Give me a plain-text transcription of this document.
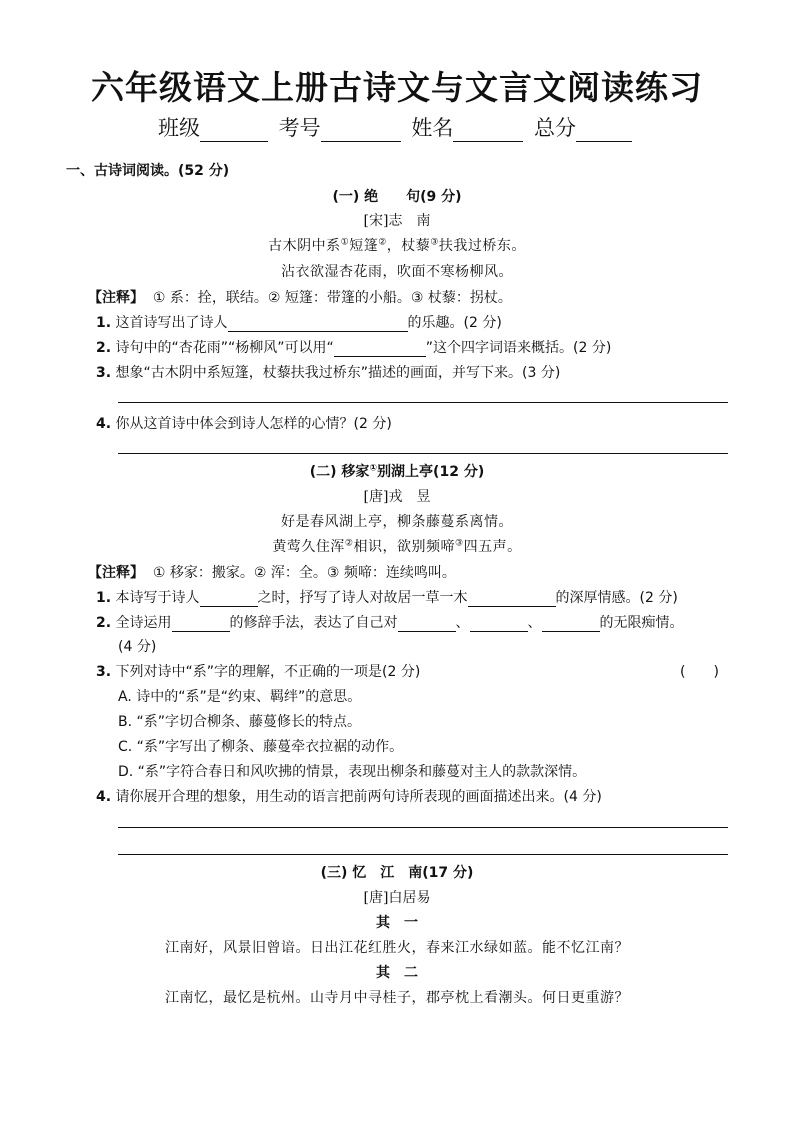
六年级语文上册古诗文与文言文阅读练习
班级	考号	姓名	总分
一、古诗词阅读。(52 分)
(一) 绝　　句(9 分)
[宋]志　南
古木阴中系①短篷②，杖藜③扶我过桥东。
沾衣欲湿杏花雨，吹面不寒杨柳风。
【注释】 ① 系：拴，联结。② 短篷：带篷的小船。③ 杖藜：拐杖。
1. 这首诗写出了诗人	的乐趣。(2 分)
2. 诗句中的“杏花雨”“杨柳风”可以用“	”这个四字词语来概括。(2 分)
3. 想象“古木阴中系短篷，杖藜扶我过桥东”描述的画面，并写下来。(3 分)
4. 你从这首诗中体会到诗人怎样的心情？(2 分)
(二) 移家①别湖上亭(12 分)
[唐]戎　昱
好是春风湖上亭，柳条藤蔓系离情。
黄莺久住浑②相识，欲别频啼③四五声。
【注释】 ① 移家：搬家。② 浑：全。③ 频啼：连续鸣叫。
1. 本诗写于诗人	之时，抒写了诗人对故居一草一木	的深厚情感。(2 分)
2. 全诗运用	的修辞手法，表达了自己对	、	、	的无限痴情。
(4 分)
3. 下列对诗中“系”字的理解，不正确的一项是(2 分)	(　　)
A. 诗中的“系”是“约束、羁绊”的意思。
B. “系”字切合柳条、藤蔓修长的特点。
C. “系”字写出了柳条、藤蔓牵衣拉裾的动作。
D. “系”字符合春日和风吹拂的情景，表现出柳条和藤蔓对主人的款款深情。
4. 请你展开合理的想象，用生动的语言把前两句诗所表现的画面描述出来。(4 分)
(三) 忆　江　南(17 分)
[唐]白居易
其　一
江南好，风景旧曾谙。日出江花红胜火，春来江水绿如蓝。能不忆江南？
其　二
江南忆，最忆是杭州。山寺月中寻桂子，郡亭枕上看潮头。何日更重游？
